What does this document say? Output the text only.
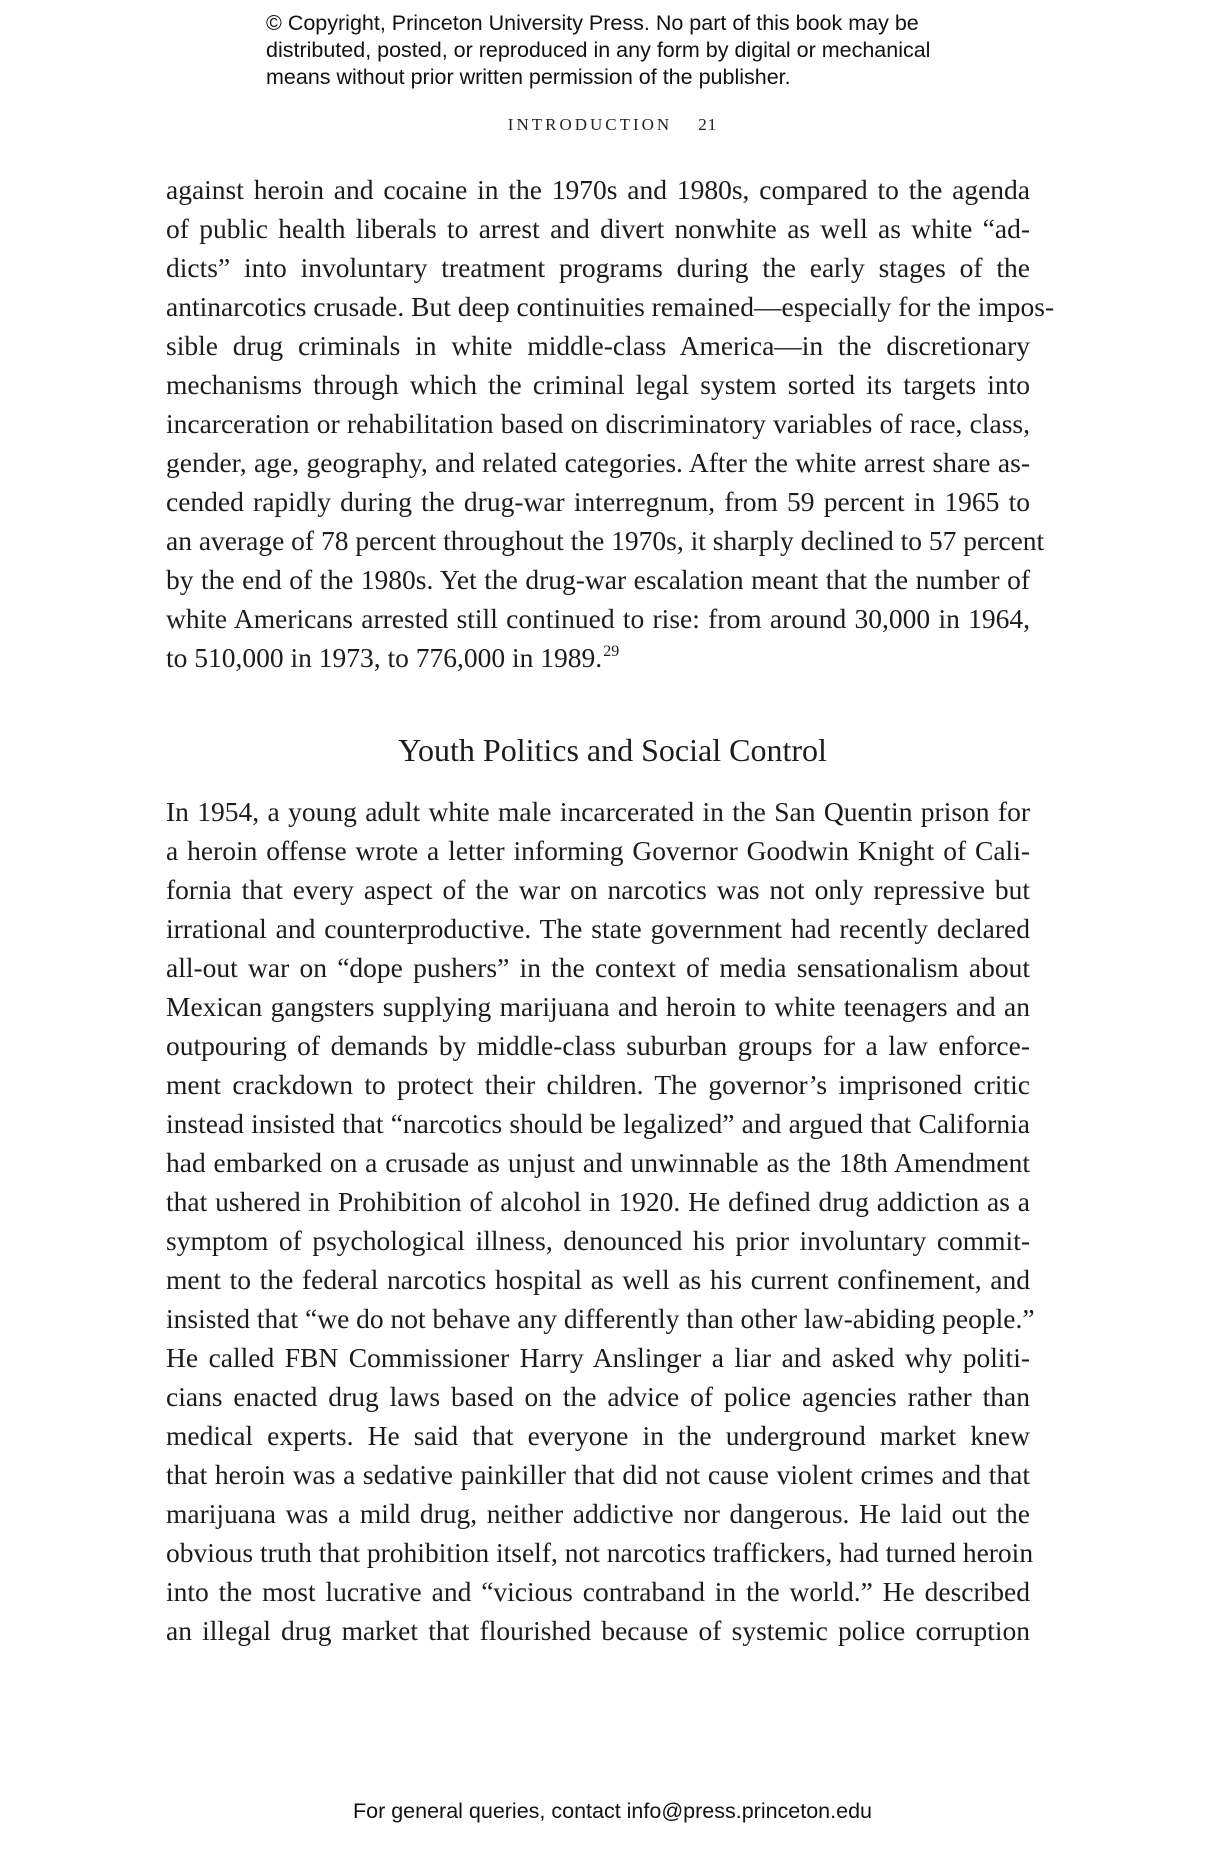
© Copyright, Princeton University Press. No part of this book may be

distributed, posted, or reproduced in any form by digital or mechanical

means without prior written permission of the publisher.

INTRODUCTION 21
against heroin and cocaine in the 1970s and 1980s, compared to the agenda
of public health liberals to arrest and divert nonwhite as well as white “ad-
dicts” into involuntary treatment programs during the early stages of the
antinarcotics crusade. But deep continuities remained—especially for the impos-
sible drug criminals in white middle-class America—in the discretionary
mechanisms through which the criminal legal system sorted its targets into
incarceration or rehabilitation based on discriminatory variables of race, class,
gender, age, geography, and related categories. After the white arrest share as-
cended rapidly during the drug-war interregnum, from 59 percent in 1965 to
an average of 78 percent throughout the 1970s, it sharply declined to 57 percent
by the end of the 1980s. Yet the drug-war escalation meant that the number of
white Americans arrested still continued to rise: from around 30,000 in 1964,
to 510,000 in 1973, to 776,000 in 1989.29
Youth Politics and Social Control
In 1954, a young adult white male incarcerated in the San Quentin prison for
a heroin offense wrote a letter informing Governor Goodwin Knight of Cali-
fornia that every aspect of the war on narcotics was not only repressive but
irrational and counterproductive. The state government had recently declared
all-out war on “dope pushers” in the context of media sensationalism about
Mexican gangsters supplying marijuana and heroin to white teenagers and an
outpouring of demands by middle-class suburban groups for a law enforce-
ment crackdown to protect their children. The governor’s imprisoned critic
instead insisted that “narcotics should be legalized” and argued that California
had embarked on a crusade as unjust and unwinnable as the 18th Amendment
that ushered in Prohibition of alcohol in 1920. He defined drug addiction as a
symptom of psychological illness, denounced his prior involuntary commit-
ment to the federal narcotics hospital as well as his current confinement, and
insisted that “we do not behave any differently than other law-abiding people.”
He called FBN Commissioner Harry Anslinger a liar and asked why politi-
cians enacted drug laws based on the advice of police agencies rather than
medical experts. He said that everyone in the underground market knew
that heroin was a sedative painkiller that did not cause violent crimes and that
marijuana was a mild drug, neither addictive nor dangerous. He laid out the
obvious truth that prohibition itself, not narcotics traffickers, had turned heroin
into the most lucrative and “vicious contraband in the world.” He described
an illegal drug market that flourished because of systemic police corruption
For general queries, contact info@press.princeton.edu
